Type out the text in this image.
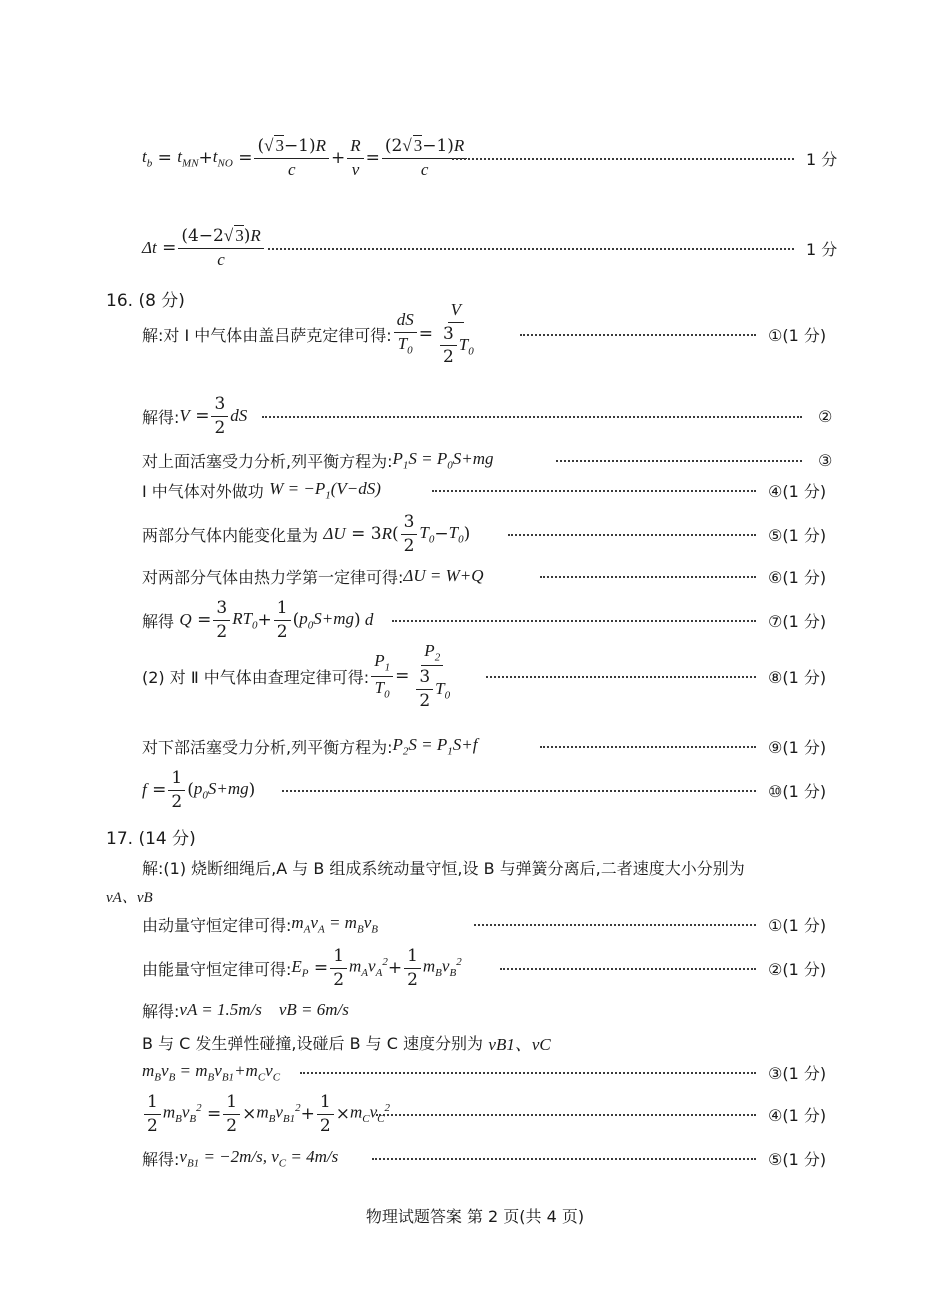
$t_b = t_{MN} + t_{NO} = \frac{(√ 3-1)R}{c} + \frac{R}{v} = \frac{(2√ 3-1)R}{c}$	1 分
$\Delta t = \frac{(4-2√ 3)R}{c}$	1 分
16. (8 分)
解:对 Ⅰ 中气体由盖吕萨克定律可得: $\frac{dS}{T_0} = \frac{V}{\frac{3}{2} T_0}$	①(1 分)
解得: $V = \frac{3}{2}$ dS	②
对上面活塞受力分析,列平衡方程为: $P_1S = P_0S+mg$	③
Ⅰ 中气体对外做功
$W = -P_1(V-dS)$	④(1 分)
两部分气体内能变化量为
ΔU = 3 R ( $\frac{3}{2} T_0 - T_0$ )	⑤(1 分)
对两部分气体由热力学第一定律可得: ΔU = W+Q	⑥(1 分)
解得
$Q = \frac{3}{2} RT_0 + \frac{1}{2}$ ( $p_0S+mg$ ) d	⑦(1 分)
(2) 对 Ⅱ 中气体由查理定律可得: $\frac{P_1}{T_0} = \frac{P_2}{\frac{3}{2} T_0}$	⑧(1 分)
对下部活塞受力分析,列平衡方程为: $P_2S = P_1S+f$	⑨(1 分)
$f = \frac{1}{2}$ ( $p_0S+mg$ )	⑩(1 分)
17. (14 分)
解:(1) 烧断细绳后,A 与 B 组成系统动量守恒,设 B 与弹簧分离后,二者速度大小分别为
vA、vB
由动量守恒定律可得: $m_Av_A = m_Bv_B$	①(1 分)
由能量守恒定律可得: $E_P = \frac{1}{2} m_Av_A^2 + \frac{1}{2} m_Bv_B^2$	②(1 分)
解得: vA = 1.5m/s    vB = 6m/s
B 与 C 发生弹性碰撞,设碰后 B 与 C 速度分别为
vB1、vC
$m_Bv_B = m_Bv_{B1}+m_Cv_C$	③(1 分)
$\frac{1}{2} m_Bv_B^2 = \frac{1}{2} \times m_Bv_{B1}^2 + \frac{1}{2} \times m_Cv_C^2$	④(1 分)
解得: $v_{B1} = -2m/s$, $v_C = 4m/s$	⑤(1 分)
物理试题答案 第 2 页(共 4 页)
